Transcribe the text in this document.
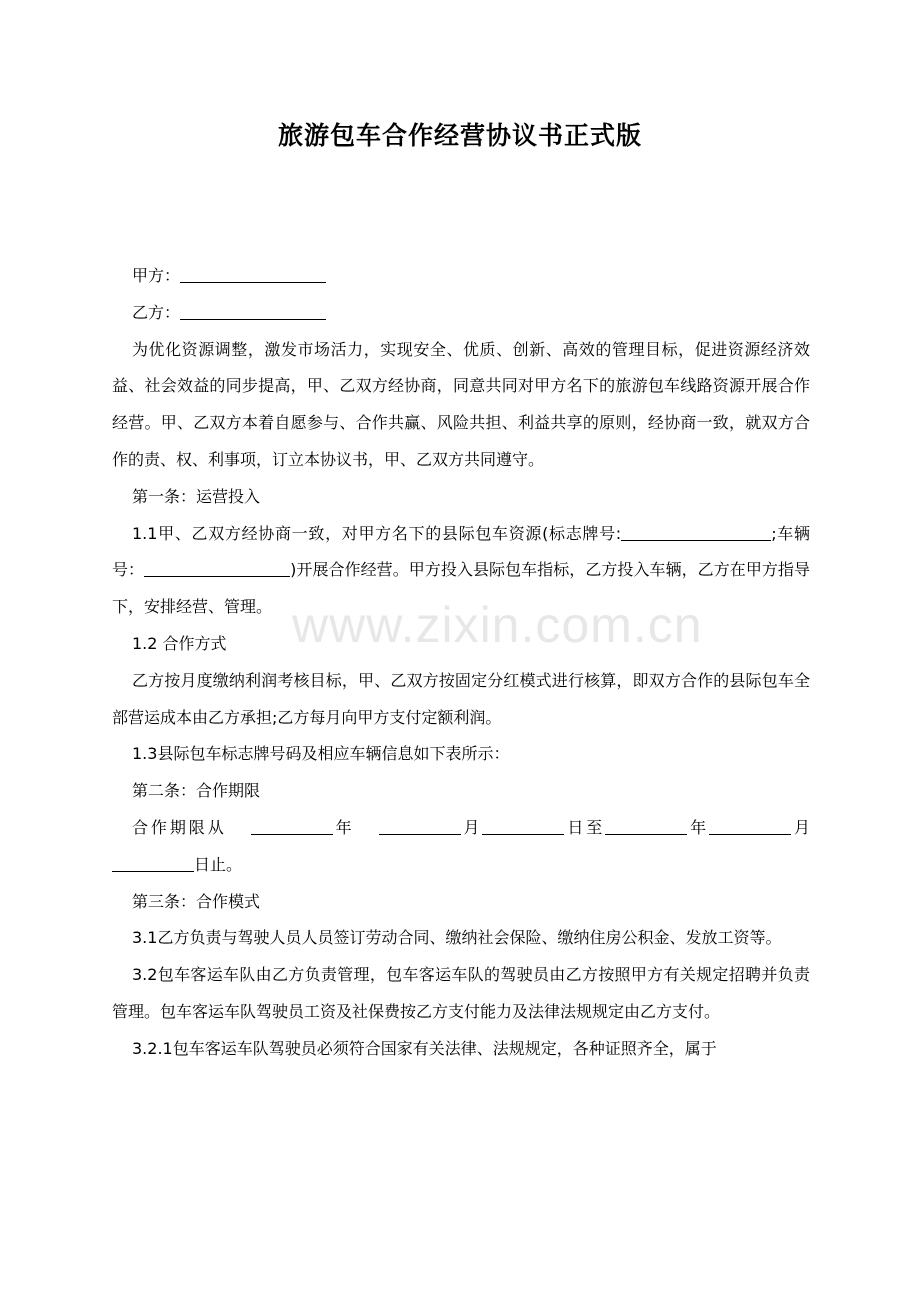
旅游包车合作经营协议书正式版
www.zixin.com.cn

甲方：

乙方：

为优化资源调整，激发市场活力，实现安全、优质、创新、高效的管理目标，促进资源经济效益、社会效益的同步提高，甲、乙双方经协商，同意共同对甲方名下的旅游包车线路资源开展合作经营。甲、乙双方本着自愿参与、合作共赢、风险共担、利益共享的原则，经协商一致，就双方合作的责、权、利事项，订立本协议书，甲、乙双方共同遵守。

第一条：运营投入

1.1甲、乙双方经协商一致，对甲方名下的县际包车资源(标志牌号:	;车辆号：	)开展合作经营。甲方投入县际包车指标，乙方投入车辆，乙方在甲方指导下，安排经营、管理。

1.2 合作方式

乙方按月度缴纳利润考核目标，甲、乙双方按固定分红模式进行核算，即双方合作的县际包车全部营运成本由乙方承担;乙方每月向甲方支付定额利润。

1.3县际包车标志牌号码及相应车辆信息如下表所示：

第二条：合作期限

合作期限从	年	月	日至	年	月 日止。

第三条：合作模式

3.1乙方负责与驾驶人员人员签订劳动合同、缴纳社会保险、缴纳住房公积金、发放工资等。

3.2包车客运车队由乙方负责管理，包车客运车队的驾驶员由乙方按照甲方有关规定招聘并负责管理。包车客运车队驾驶员工资及社保费按乙方支付能力及法律法规规定由乙方支付。

3.2.1包车客运车队驾驶员必须符合国家有关法律、法规规定，各种证照齐全，属于
